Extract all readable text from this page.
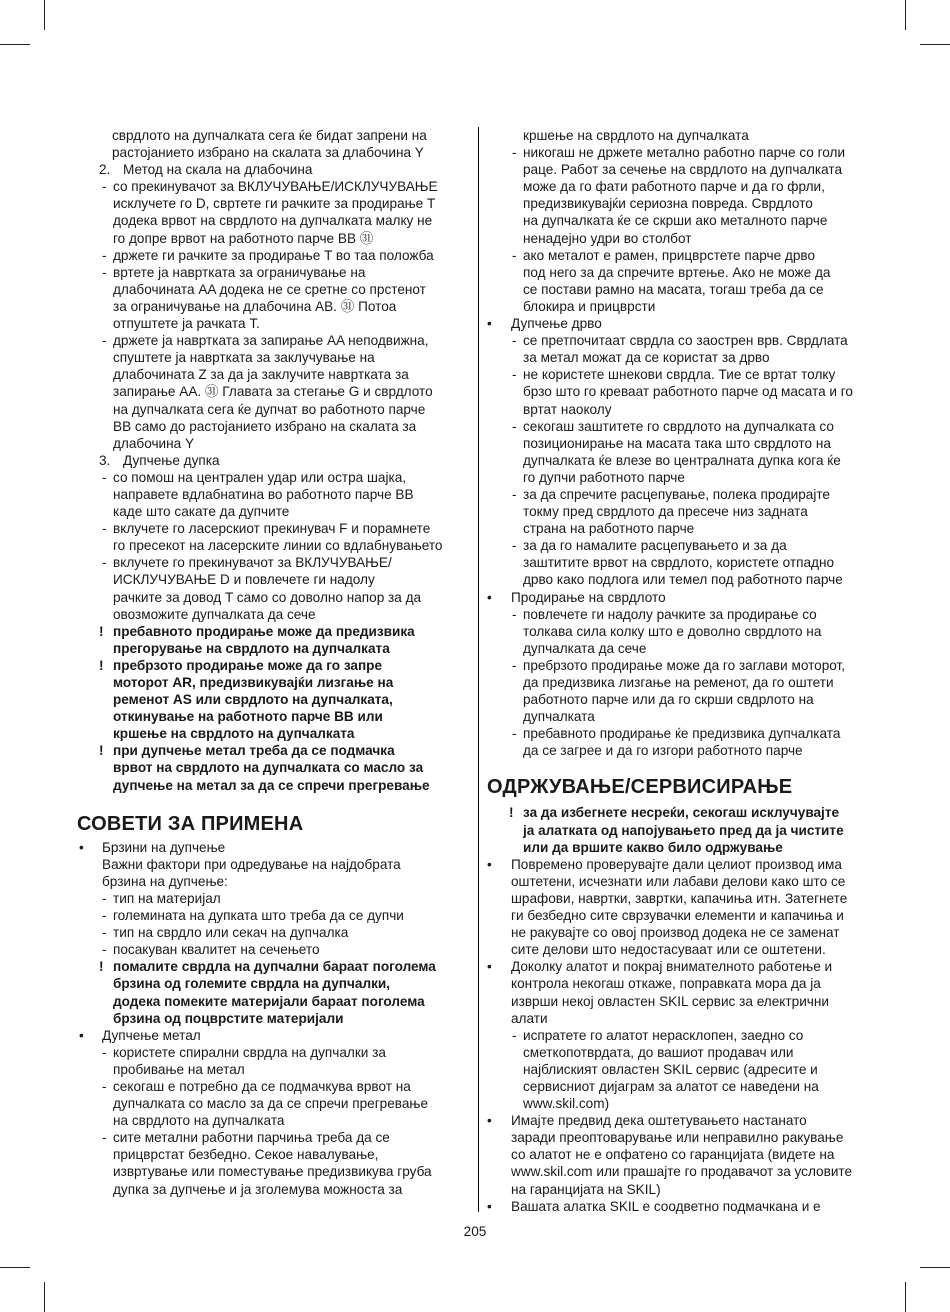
сврдлото на дупчалката сега ќе бидат запрени на
растојанието избрано на скалата за длабочина Y
2. Метод на скала на длабочина
- со прекинувачот за ВКЛУЧУВАЊЕ/ИСКЛУЧУВАЊЕ
исклучете го D, свртете ги рачките за продирање T
додека врвот на сврдлото на дупчалката малку не
го допре врвот на работното парче BB ㉛
- држете ги рачките за продирање T во таа положба
- вртете ја навртката за ограничување на
длабочината AA додека не се сретне со прстенот
за ограничување на длабочина AB. ㉛ Потоа
отпуштете ја рачката T.
- држете ја навртката за запирање AA неподвижна,
спуштете ја навртката за заклучување на
длабочината Z за да ја заклучите навртката за
запирање AA. ㉛ Главата за стегање G и сврдлото
на дупчалката сега ќе дупчат во работното парче
BB само до растојанието избрано на скалата за
длабочина Y
3. Дупчење дупка
- со помош на централен удар или остра шајка,
направете вдлабнатина во работното парче BB
каде што сакате да дупчите
- вклучете го ласерскиот прекинувач F и порамнете
го пресекот на ласерските линии со вдлабнувањето
- вклучете го прекинувачот за ВКЛУЧУВАЊЕ/
ИСКЛУЧУВАЊЕ D и повлечете ги надолу
рачките за довод T само со доволно напор за да
овозможите дупчалката да сече
! пребавното продирање може да предизвика
прегорување на сврдлото на дупчалката
! пребрзото продирање може да го запре
моторот AR, предизвикувајќи лизгање на
ременот AS или сврдлото на дупчалката,
откинување на работното парче BB или
кршење на сврдлото на дупчалката
! при дупчење метал треба да се подмачка
врвот на сврдлото на дупчалката со масло за
дупчење на метал за да се спречи прегревање
СОВЕТИ ЗА ПРИМЕНА
• Брзини на дупчење
Важни фактори при одредување на најдобрата
брзина на дупчење:
- тип на материјал
- големината на дупката што треба да се дупчи
- тип на сврдло или секач на дупчалка
- посакуван квалитет на сечењето
! помалите сврдла на дупчални бараат поголема
брзина од големите сврдла на дупчалки,
додека помеките материјали бараат поголема
брзина од поцврстите материјали
• Дупчење метал
- користете спирални сврдла на дупчалки за
пробивање на метал
- секогаш е потребно да се подмачкува врвот на
дупчалката со масло за да се спречи прегревање
на сврдлото на дупчалката
- сите метални работни парчиња треба да се
прицврстат безбедно. Секое навалување,
извртување или поместување предизвикува груба
дупка за дупчење и ја зголемува можноста за
кршење на сврдлото на дупчалката
- никогаш не држете метално работно парче со голи
раце. Работ за сечење на сврдлото на дупчалката
може да го фати работното парче и да го фрли,
предизвикувајќи сериозна повреда. Сврдлото
на дупчалката ќе се скрши ако металното парче
ненадејно удри во столбот
- ако металот е рамен, прицврстете парче дрво
под него за да спречите вртење. Ако не може да
се постави рамно на масата, тогаш треба да се
блокира и прицврсти
• Дупчење дрво
- се претпочитаат сврдла со заострен врв. Сврдлата
за метал можат да се користат за дрво
- не користете шнекови сврдла. Тие се вртат толку
брзо што го креваат работното парче од масата и го
вртат наоколу
- секогаш заштитете го сврдлото на дупчалката со
позиционирање на масата така што сврдлото на
дупчалката ќе влезе во централната дупка кога ќе
го дупчи работното парче
- за да спречите расцепување, полека продирајте
токму пред сврдлото да пресече низ задната
страна на работното парче
- за да го намалите расцепувањето и за да
заштитите врвот на сврдлото, користете отпадно
дрво како подлога или темел под работното парче
• Продирање на сврдлото
- повлечете ги надолу рачките за продирање со
толкава сила колку што е доволно сврдлото на
дупчалката да сече
- пребрзото продирање може да го заглави моторот,
да предизвика лизгање на ременот, да го оштети
работното парче или да го скрши свдрлото на
дупчалката
- пребавното продирање ќе предизвика дупчалката
да се загрее и да го изгори работното парче
ОДРЖУВАЊЕ/СЕРВИСИРАЊЕ
! за да избегнете несреќи, секогаш исклучувајте
ја алатката од напојувањето пред да ја чистите
или да вршите какво било одржување
• Повремено проверувајте дали целиот производ има
оштетени, исчезнати или лабави делови како што се
шрафови, навртки, завртки, капачиња итн. Затегнете
ги безбедно сите сврзувачки елементи и капачиња и
не ракувајте со овој производ додека не се заменат
сите делови што недостасуваат или се оштетени.
• Доколку алатот и покрај внимателното работење и
контрола некогаш откаже, поправката мора да ја
изврши некој овластен SKIL сервис за електрични
алати
- испратете го алатот нерасклопен, заедно со
сметкопотврдата, до вашиот продавач или
најблиският овластен SKIL сервис (адресите и
сервисниот дијаграм за алатот се наведени на
www.skil.com)
• Имајте предвид дека оштетувањето настанато
заради преоптоварување или неправилно ракување
со алатот не е опфатено со гаранцијата (видете на
www.skil.com или прашајте го продавачот за условите
на гаранцијата на SKIL)
• Вашата алатка SKIL е соодветно подмачкана и е
205
